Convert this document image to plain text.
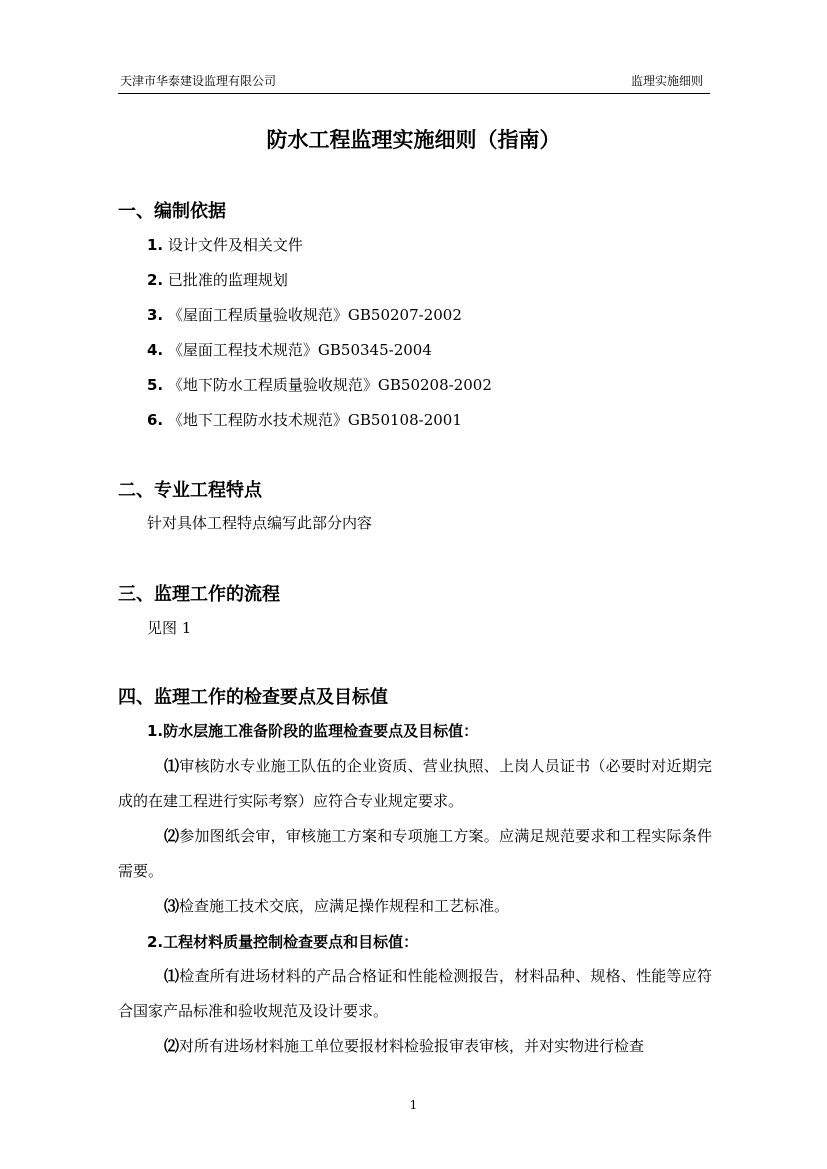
天津市华泰建设监理有限公司	监理实施细则
防水工程监理实施细则（指南）
一、编制依据
1. 设计文件及相关文件
2. 已批准的监理规划
3. 《屋面工程质量验收规范》GB50207-2002
4. 《屋面工程技术规范》GB50345-2004
5. 《地下防水工程质量验收规范》GB50208-2002
6. 《地下工程防水技术规范》GB50108-2001
二、专业工程特点
针对具体工程特点编写此部分内容
三、监理工作的流程
见图 1
四、监理工作的检查要点及目标值
1.防水层施工准备阶段的监理检查要点及目标值：
⑴审核防水专业施工队伍的企业资质、营业执照、上岗人员证书（必要时对近期完成的在建工程进行实际考察）应符合专业规定要求。
⑵参加图纸会审，审核施工方案和专项施工方案。应满足规范要求和工程实际条件需要。
⑶检查施工技术交底，应满足操作规程和工艺标准。
2.工程材料质量控制检查要点和目标值：
⑴检查所有进场材料的产品合格证和性能检测报告，材料品种、规格、性能等应符合国家产品标准和验收规范及设计要求。
⑵对所有进场材料施工单位要报材料检验报审表审核，并对实物进行检查
1
